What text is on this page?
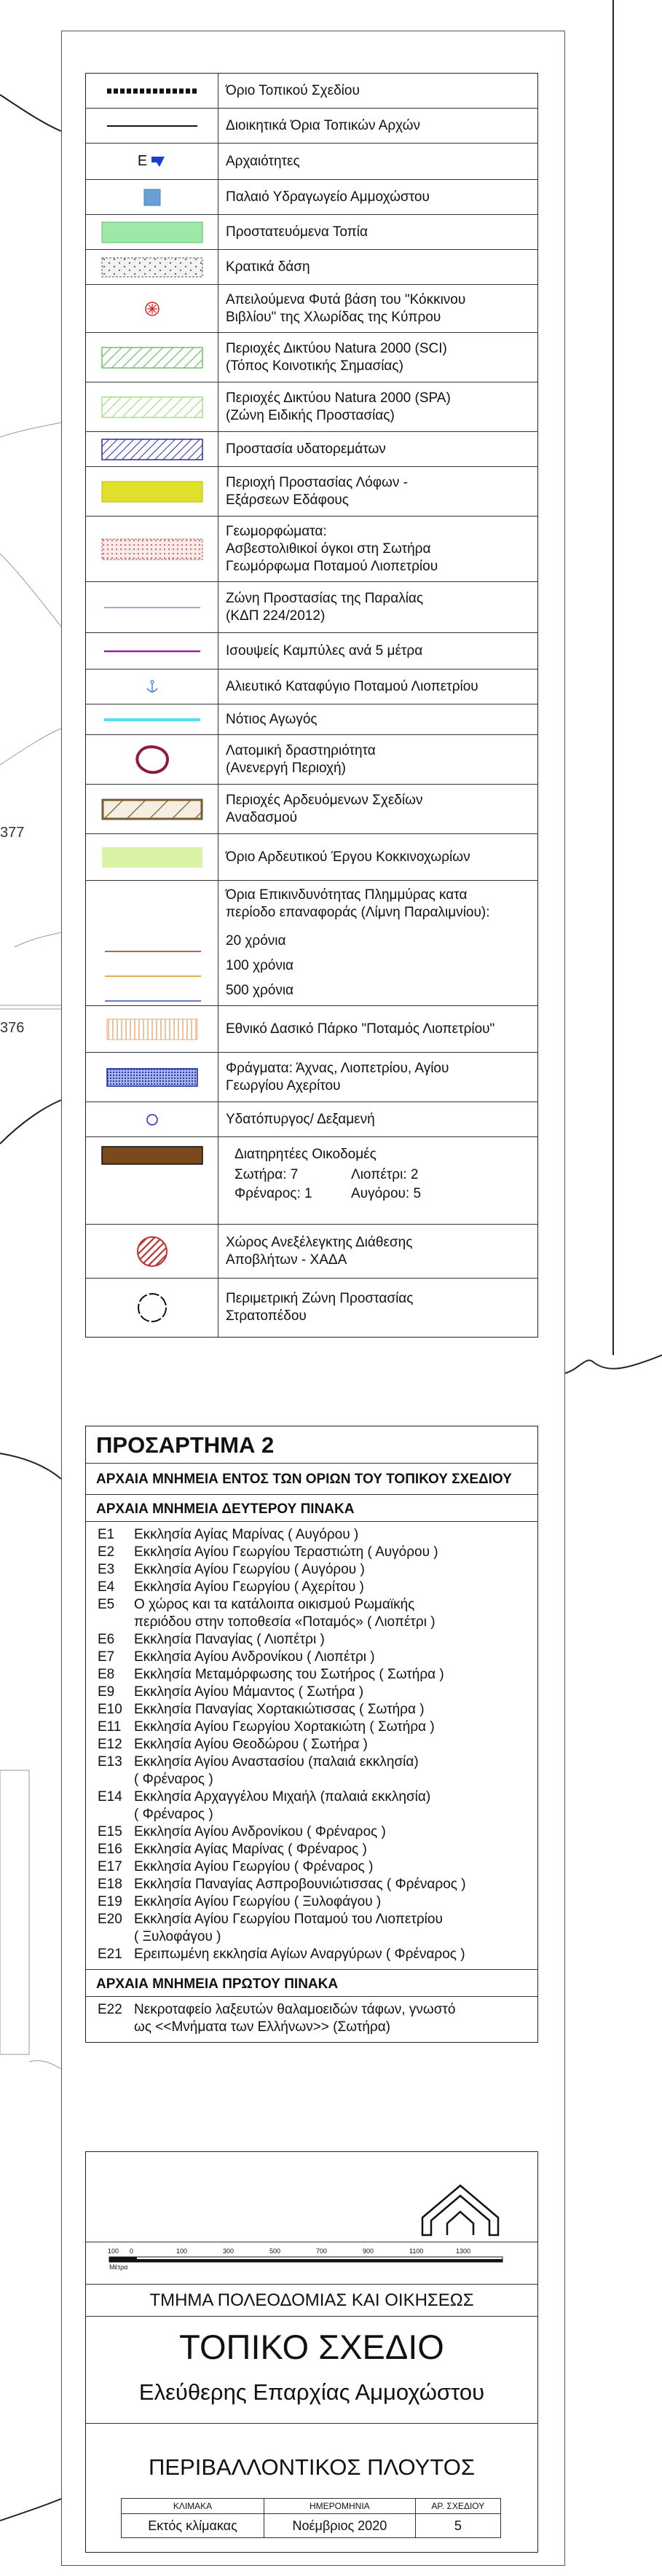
377
376
Όριο Τοπικού Σχεδίου
Διοικητικά Όρια Τοπικών Αρχών
Ε	Αρχαιότητες
Παλαιό Υδραγωγείο Αμμοχώστου
Προστατευόμενα Τοπία
Κρατικά δάση
Απειλούμενα Φυτά βάση του "Κόκκινου
Βιβλίου" της Χλωρίδας της Κύπρου
Περιοχές Δικτύου Natura 2000 (SCI)
(Τόπος Κοινοτικής Σημασίας)
Περιοχές Δικτύου Natura 2000 (SPA)
(Ζώνη Ειδικής Προστασίας)
Προστασία υδατορεμάτων
Περιοχή Προστασίας Λόφων -
Εξάρσεων Εδάφους
Γεωμορφώματα:
Ασβεστολιθικοί όγκοι στη Σωτήρα
Γεωμόρφωμα Ποταμού Λιοπετρίου
Ζώνη Προστασίας της Παραλίας
(ΚΔΠ 224/2012)
Ισουψείς Καμπύλες ανά 5 μέτρα
Αλιευτικό Καταφύγιο Ποταμού Λιοπετρίου
Νότιος Αγωγός
Λατομική δραστηριότητα
(Ανενεργή Περιοχή)
Περιοχές Αρδευόμενων Σχεδίων
Αναδασμού
Όριο Αρδευτικού Έργου Κοκκινοχωρίων
Όρια Επικινδυνότητας Πλημμύρας κατα
περίοδο επαναφοράς (Λίμνη Παραλιμνίου):
20 χρόνια
100 χρόνια
500 χρόνια
Εθνικό Δασικό Πάρκο "Ποταμός Λιοπετρίου"
Φράγματα: Άχνας, Λιοπετρίου, Αγίου
Γεωργίου Αχερίτου
Υδατόπυργος/ Δεξαμενή
Διατηρητέες Οικοδομές
Σωτήρα: 7	Λιοπέτρι: 2
Φρέναρος: 1	Αυγόρου: 5
Χώρος Ανεξέλεγκτης Διάθεσης
Αποβλήτων - ΧΑΔΑ
Περιμετρική Ζώνη Προστασίας
Στρατοπέδου
ΠΡΟΣΑΡΤΗΜΑ 2
ΑΡΧΑΙΑ ΜΝΗΜΕΙΑ ΕΝΤΟΣ ΤΩΝ ΟΡΙΩΝ ΤΟΥ ΤΟΠΙΚΟΥ ΣΧΕΔΙΟΥ
ΑΡΧΑΙΑ ΜΝΗΜΕΙΑ ΔΕΥΤΕΡΟΥ ΠΙΝΑΚΑ
Ε1	Εκκλησία Αγίας Μαρίνας ( Αυγόρου )
Ε2	Εκκλησία Αγίου Γεωργίου Τεραστιώτη ( Αυγόρου )
Ε3	Εκκλησία Αγίου Γεωργίου ( Αυγόρου )
Ε4	Εκκλησία Αγίου Γεωργίου ( Αχερίτου )
Ε5	Ο χώρος και τα κατάλοιπα οικισμού Ρωμαϊκής
περιόδου στην τοποθεσία «Ποταμός» ( Λιοπέτρι )
Ε6	Εκκλησία Παναγίας ( Λιοπέτρι )
Ε7	Εκκλησία Αγίου Ανδρονίκου ( Λιοπέτρι )
Ε8	Εκκλησία Μεταμόρφωσης του Σωτήρος ( Σωτήρα )
Ε9	Εκκλησία Αγίου Μάμαντος ( Σωτήρα )
Ε10 Εκκλησία Παναγίας Χορτακιώτισσας ( Σωτήρα )
Ε11 Εκκλησία Αγίου Γεωργίου Χορτακιώτη ( Σωτήρα )
Ε12 Εκκλησία Αγίου Θεοδώρου ( Σωτήρα )
Ε13 Εκκλησία Αγίου Αναστασίου (παλαιά εκκλησία)
( Φρέναρος )
Ε14 Εκκλησία Αρχαγγέλου Μιχαήλ (παλαιά εκκλησία)
( Φρέναρος )
Ε15 Εκκλησία Αγίου Ανδρονίκου ( Φρέναρος )
Ε16 Εκκλησία Αγίας Μαρίνας ( Φρέναρος )
Ε17 Εκκλησία Αγίου Γεωργίου ( Φρέναρος )
Ε18 Εκκλησία Παναγίας Ασπροβουνιώτισσας ( Φρέναρος )
Ε19 Εκκλησία Αγίου Γεωργίου ( Ξυλοφάγου )
Ε20 Εκκλησία Αγίου Γεωργίου Ποταμού του Λιοπετρίου
( Ξυλοφάγου )
Ε21 Ερειπωμένη εκκλησία Αγίων Αναργύρων ( Φρέναρος )
ΑΡΧΑΙΑ ΜΝΗΜΕΙΑ ΠΡΩΤΟΥ ΠΙΝΑΚΑ
Ε22 Νεκροταφείο λαξευτών θαλαμοειδών τάφων, γνωστό
ως <<Μνήματα των Ελλήνων>> (Σωτήρα)
100 0	100	300	500	700	900	1100	1300
Μέτρα
ΤΜΗΜΑ ΠΟΛΕΟΔΟΜΙΑΣ ΚΑΙ ΟΙΚΗΣΕΩΣ
ΤΟΠΙΚΟ ΣΧΕΔΙΟ
Ελεύθερης Επαρχίας Αμμοχώστου
ΠΕΡΙΒΑΛΛΟΝΤΙΚΟΣ ΠΛΟΥΤΟΣ
ΚΛΙΜΑΚΑ	ΗΜΕΡΟΜΗΝΙΑ	ΑΡ. ΣΧΕΔΙΟΥ
Εκτός κλίμακας	Νοέμβριος 2020	5
